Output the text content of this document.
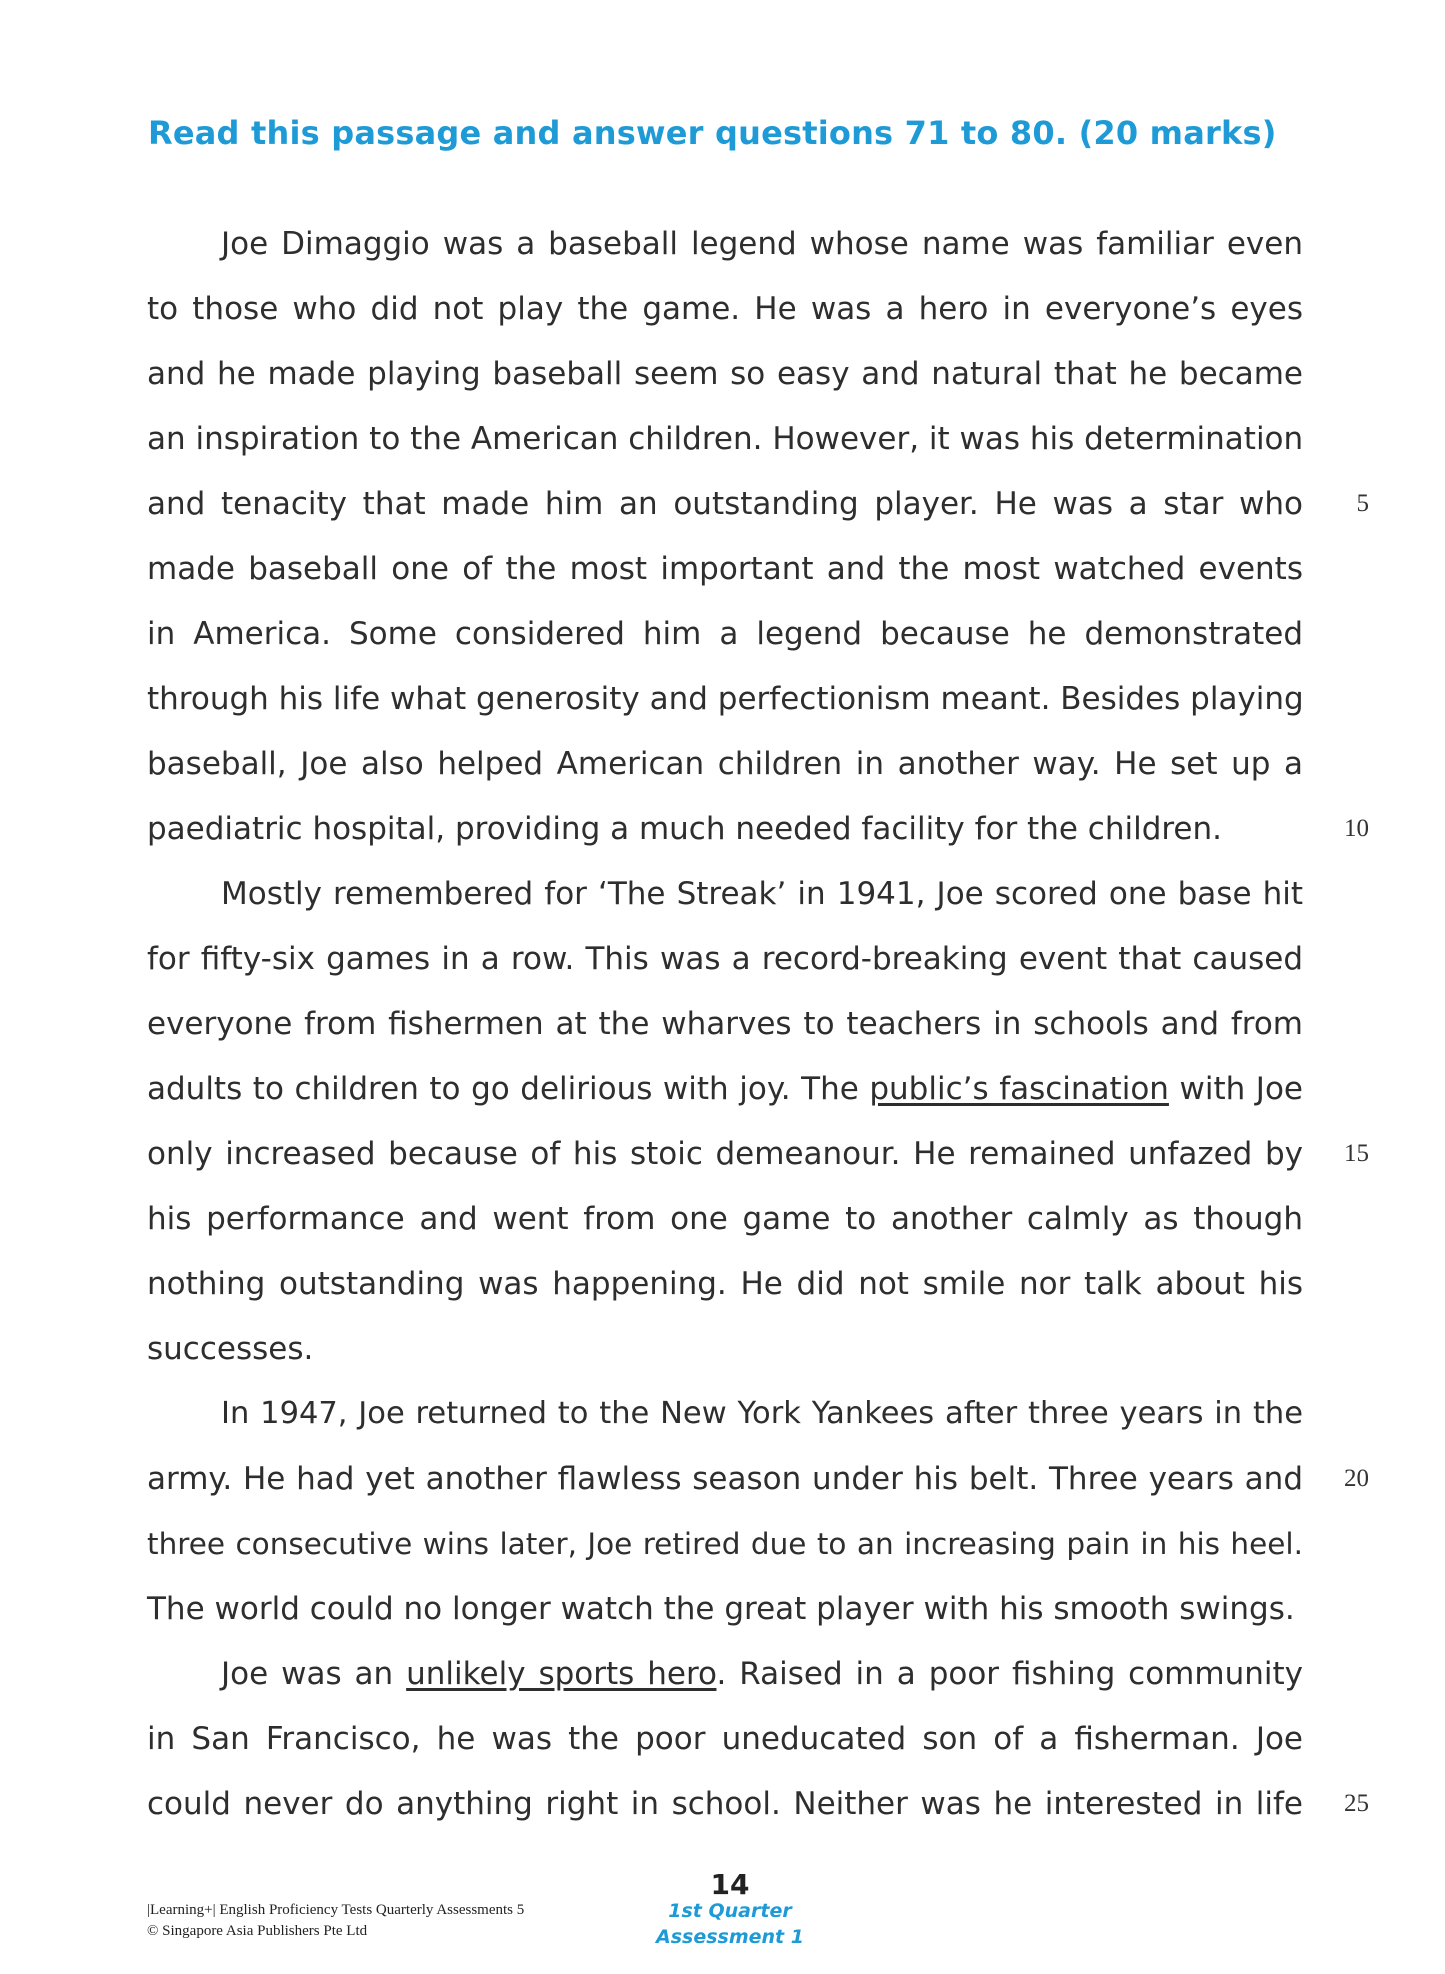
Read this passage and answer questions 71 to 80. (20 marks)
Joe Dimaggio was a baseball legend whose name was familiar even
to those who did not play the game. He was a hero in everyone’s eyes
and he made playing baseball seem so easy and natural that he became
an inspiration to the American children. However, it was his determination
and tenacity that made him an outstanding player. He was a star who
made baseball one of the most important and the most watched events
in America. Some considered him a legend because he demonstrated
through his life what generosity and perfectionism meant. Besides playing
baseball, Joe also helped American children in another way. He set up a
paediatric hospital, providing a much needed facility for the children.
Mostly remembered for ‘The Streak’ in 1941, Joe scored one base hit
for fifty-six games in a row. This was a record-breaking event that caused
everyone from fishermen at the wharves to teachers in schools and from
adults to children to go delirious with joy. The public’s fascination with Joe
only increased because of his stoic demeanour. He remained unfazed by
his performance and went from one game to another calmly as though
nothing outstanding was happening. He did not smile nor talk about his
successes.
In 1947, Joe returned to the New York Yankees after three years in the
army. He had yet another flawless season under his belt. Three years and
three consecutive wins later, Joe retired due to an increasing pain in his heel.
The world could no longer watch the great player with his smooth swings.
Joe was an unlikely sports hero. Raised in a poor fishing community
in San Francisco, he was the poor uneducated son of a fisherman. Joe
could never do anything right in school. Neither was he interested in life
5
10
15
20
25
14
|Learning+| English Proficiency Tests Quarterly Assessments 5
© Singapore Asia Publishers Pte Ltd
1st Quarter
Assessment 1
